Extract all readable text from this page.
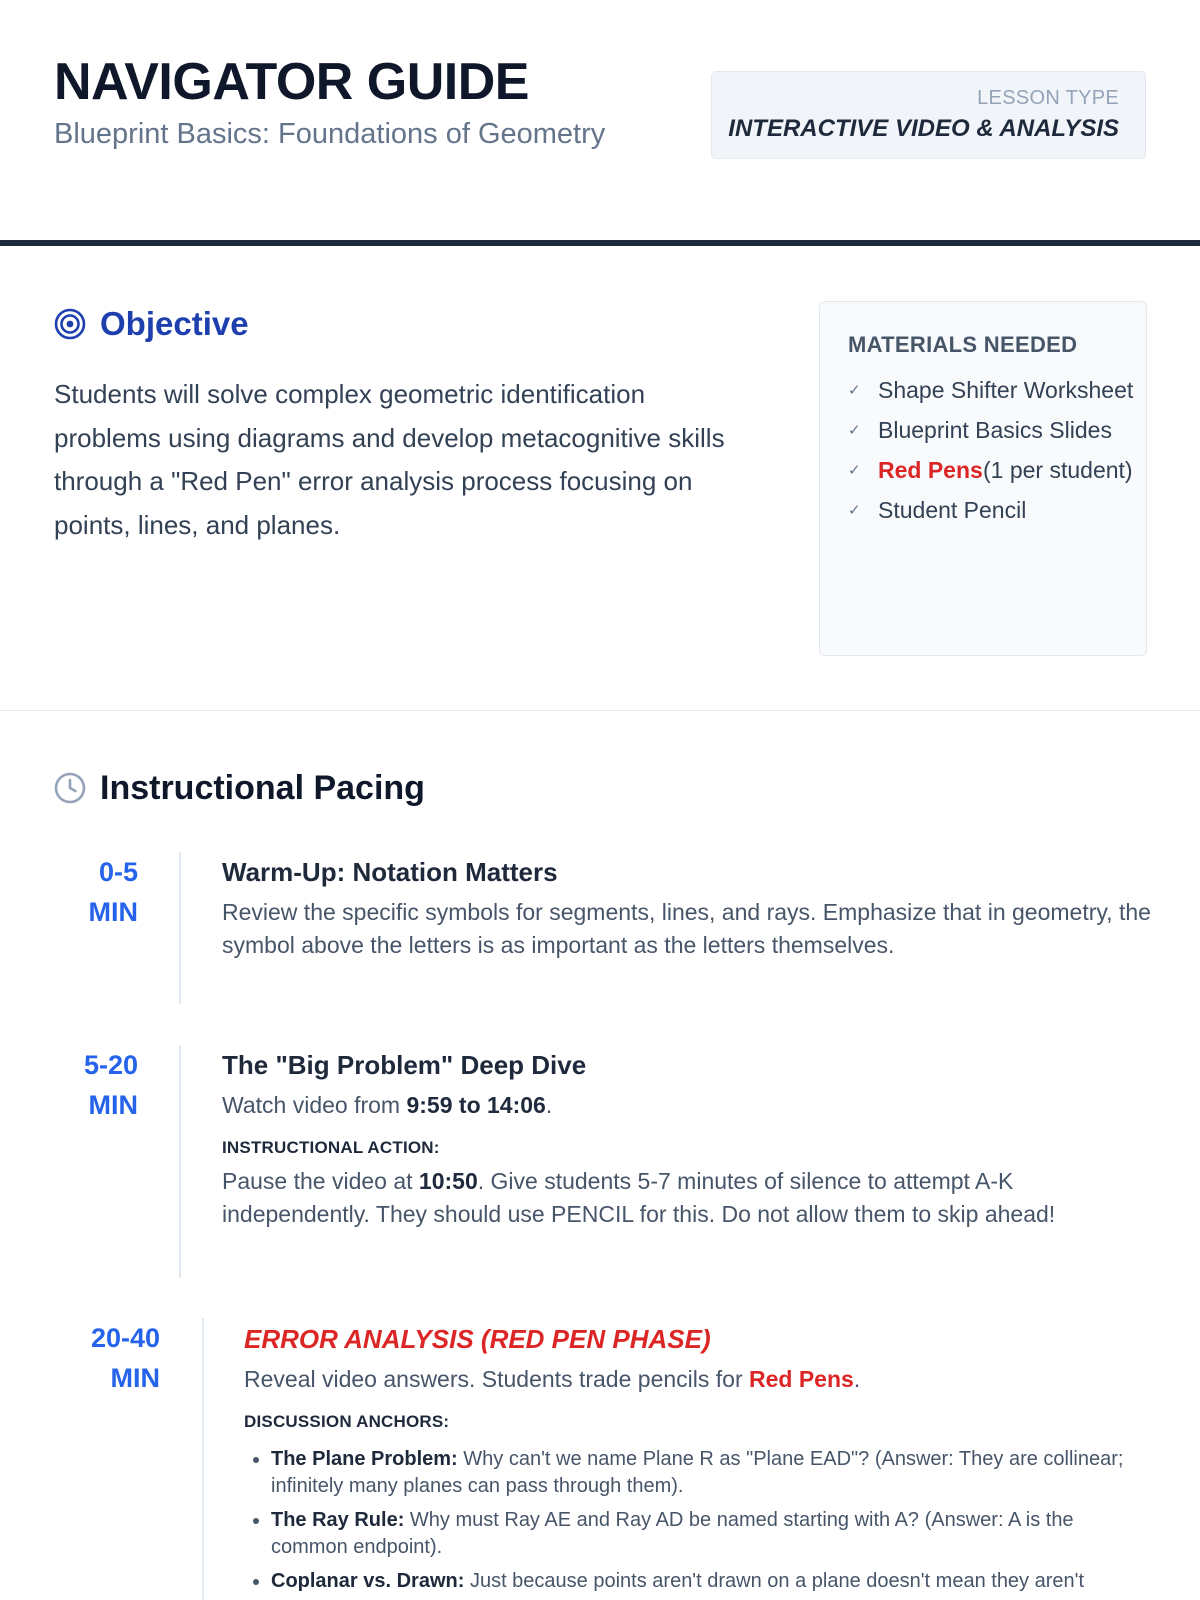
NAVIGATOR GUIDE
Blueprint Basics: Foundations of Geometry
LESSON TYPE
INTERACTIVE VIDEO & ANALYSIS
Objective

Students will solve complex geometric identification problems using diagrams and develop metacognitive skills through a "Red Pen" error analysis process focusing on points, lines, and planes.

MATERIALS NEEDED
✓ Shape Shifter Worksheet
✓ Blueprint Basics Slides
✓ Red Pens (1 per student)
✓ Student Pencil
Instructional Pacing
0-5 MIN
Warm-Up: Notation Matters

Review the specific symbols for segments, lines, and rays. Emphasize that in geometry, the symbol above the letters is as important as the letters themselves.

5-20 MIN
The "Big Problem" Deep Dive

Watch video from 9:59 to 14:06.

INSTRUCTIONAL ACTION:

Pause the video at 10:50. Give students 5-7 minutes of silence to attempt A-K independently. They should use PENCIL for this. Do not allow them to skip ahead!

20-40 MIN
ERROR ANALYSIS (RED PEN PHASE)

Reveal video answers. Students trade pencils for Red Pens.

DISCUSSION ANCHORS:

• The Plane Problem: Why can't we name Plane R as "Plane EAD"? (Answer: They are collinear; infinitely many planes can pass through them).
• The Ray Rule: Why must Ray AE and Ray AD be named starting with A? (Answer: A is the common endpoint).
• Coplanar vs. Drawn: Just because points aren't drawn on a plane doesn't mean they aren't
